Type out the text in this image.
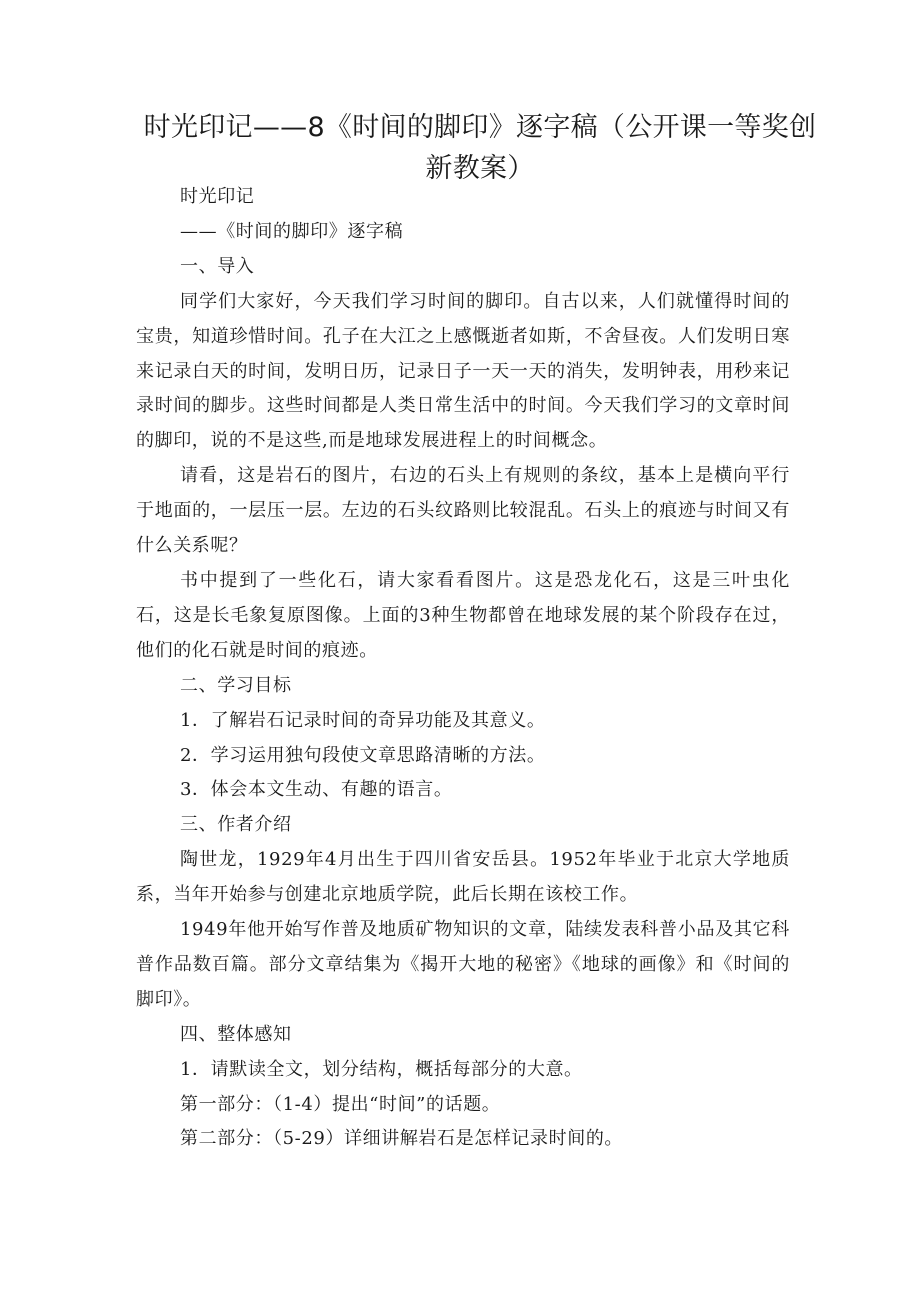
时光印记——8《时间的脚印》逐字稿（公开课一等奖创
新教案）

时光印记

——《时间的脚印》逐字稿

一、导入

同学们大家好，今天我们学习时间的脚印。自古以来，人们就懂得时间的宝贵，知道珍惜时间。孔子在大江之上感慨逝者如斯，不舍昼夜。人们发明日寒来记录白天的时间，发明日历，记录日子一天一天的消失，发明钟表，用秒来记录时间的脚步。这些时间都是人类日常生活中的时间。今天我们学习的文章时间的脚印，说的不是这些,而是地球发展进程上的时间概念。

请看，这是岩石的图片，右边的石头上有规则的条纹，基本上是横向平行于地面的，一层压一层。左边的石头纹路则比较混乱。石头上的痕迹与时间又有什么关系呢？

书中提到了一些化石，请大家看看图片。这是恐龙化石，这是三叶虫化石，这是长毛象复原图像。上面的3种生物都曾在地球发展的某个阶段存在过，他们的化石就是时间的痕迹。

二、学习目标

1．了解岩石记录时间的奇异功能及其意义。

2．学习运用独句段使文章思路清晰的方法。

3．体会本文生动、有趣的语言。

三、作者介绍

陶世龙，1929年4月出生于四川省安岳县。1952年毕业于北京大学地质系，当年开始参与创建北京地质学院，此后长期在该校工作。

1949年他开始写作普及地质矿物知识的文章，陆续发表科普小品及其它科普作品数百篇。部分文章结集为《揭开大地的秘密》《地球的画像》和《时间的脚印》。

四、整体感知

1．请默读全文，划分结构，概括每部分的大意。

第一部分：（1-4）提出“时间”的话题。

第二部分：（5-29）详细讲解岩石是怎样记录时间的。
